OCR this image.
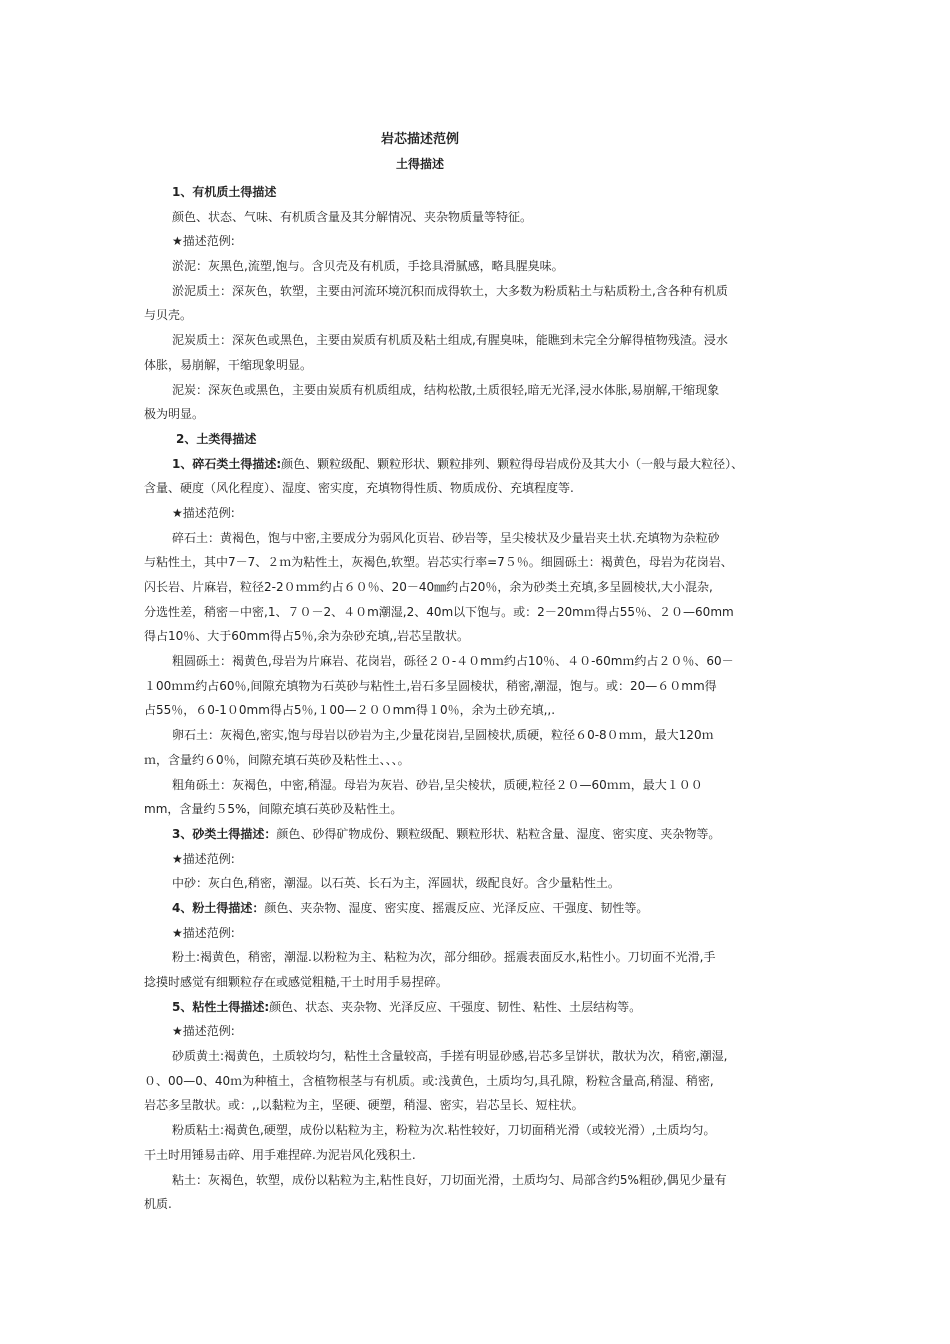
岩芯描述范例
土得描述
1、有机质土得描述
颜色、状态、气味、有机质含量及其分解情况、夹杂物质量等特征。
★描述范例:
淤泥：灰黑色,流塑,饱与。含贝壳及有机质，手捻具滑腻感，略具腥臭味。
淤泥质土：深灰色，软塑，主要由河流环境沉积而成得软土，大多数为粉质粘土与粘质粉土,含各种有机质
与贝壳。
泥炭质土：深灰色或黑色，主要由炭质有机质及粘土组成,有腥臭味，能瞧到未完全分解得植物残渣。浸水
体胀，易崩解，干缩现象明显。
泥炭：深灰色或黑色，主要由炭质有机质组成，结构松散,土质很轻,暗无光泽,浸水体胀,易崩解,干缩现象
极为明显。
2、土类得描述
1、碎石类土得描述:颜色、颗粒级配、颗粒形状、颗粒排列、颗粒得母岩成份及其大小（一般与最大粒径）、
含量、硬度（风化程度）、湿度、密实度，充填物得性质、物质成份、充填程度等.
★描述范例:
碎石土：黄褐色，饱与中密,主要成分为弱风化页岩、砂岩等，呈尖棱状及少量岩夹土状.充填物为杂粒砂
与粘性土，其中7－7、２ｍ为粘性土，灰褐色,软塑。岩芯实行率=7５％。细圆砾土：褐黄色，母岩为花岗岩、
闪长岩、片麻岩，粒径2-2０ｍｍ约占６０％、20－40㎜约占20％，余为砂类土充填,多呈圆棱状,大小混杂,
分选性差，稍密－中密,1、７０－2、４０m潮湿,2、40m以下饱与。或：2－20mｍ得占55％、２０—60mm
得占10％、大于60mm得占5％,余为杂砂充填,,岩芯呈散状。
粗圆砾土：褐黄色,母岩为片麻岩、花岗岩，砾径２０-４０mｍ约占10％、４０-60mｍ约占２０％、60－
１00ｍｍ约占60％,间隙充填物为石英砂与粘性土,岩石多呈圆棱状，稍密,潮湿，饱与。或：20—６０mm得
占55％，６0-1０0mm得占5％,１00—２００mm得１0％，余为土砂充填,,.
卵石土：灰褐色,密实,饱与母岩以砂岩为主,少量花岗岩,呈圆棱状,质硬，粒径６0-8０ｍｍ，最大120ｍ
ｍ，含量约６0％，间隙充填石英砂及粘性土、、、。
粗角砾土：灰褐色，中密,稍湿。母岩为灰岩、砂岩,呈尖棱状，质硬,粒径２０—60ｍｍ，最大１００
mm，含量约５5%，间隙充填石英砂及粘性土。
3、砂类土得描述：颜色、砂得矿物成份、颗粒级配、颗粒形状、粘粒含量、湿度、密实度、夹杂物等。
★描述范例:
中砂：灰白色,稍密，潮湿。以石英、长石为主，浑圆状，级配良好。含少量粘性土。
4、粉土得描述：颜色、夹杂物、湿度、密实度、摇震反应、光泽反应、干强度、韧性等。
★描述范例:
粉土:褐黄色，稍密，潮湿.以粉粒为主、粘粒为次，部分细砂。摇震表面反水,粘性小。刀切面不光滑,手
捻摸时感觉有细颗粒存在或感觉粗糙,干土时用手易捏碎。
5、粘性土得描述:颜色、状态、夹杂物、光泽反应、干强度、韧性、粘性、土层结构等。
★描述范例:
砂质黄土:褐黄色，土质较均匀，粘性土含量较高，手搓有明显砂感,岩芯多呈饼状，散状为次，稍密,潮湿,
０、00—0、40ｍ为种植土，含植物根茎与有机质。或:浅黄色，土质均匀,具孔隙，粉粒含量高,稍湿、稍密,
岩芯多呈散状。或：,,以黏粒为主，坚硬、硬塑，稍湿、密实，岩芯呈长、短柱状。
粉质粘土:褐黄色,硬塑，成份以粘粒为主，粉粒为次.粘性较好，刀切面稍光滑（或较光滑）,土质均匀。
干土时用锤易击碎、用手难捏碎.为泥岩风化残积土.
粘土：灰褐色，软塑，成份以粘粒为主,粘性良好，刀切面光滑，土质均匀、局部含约5%粗砂,偶见少量有
机质.
